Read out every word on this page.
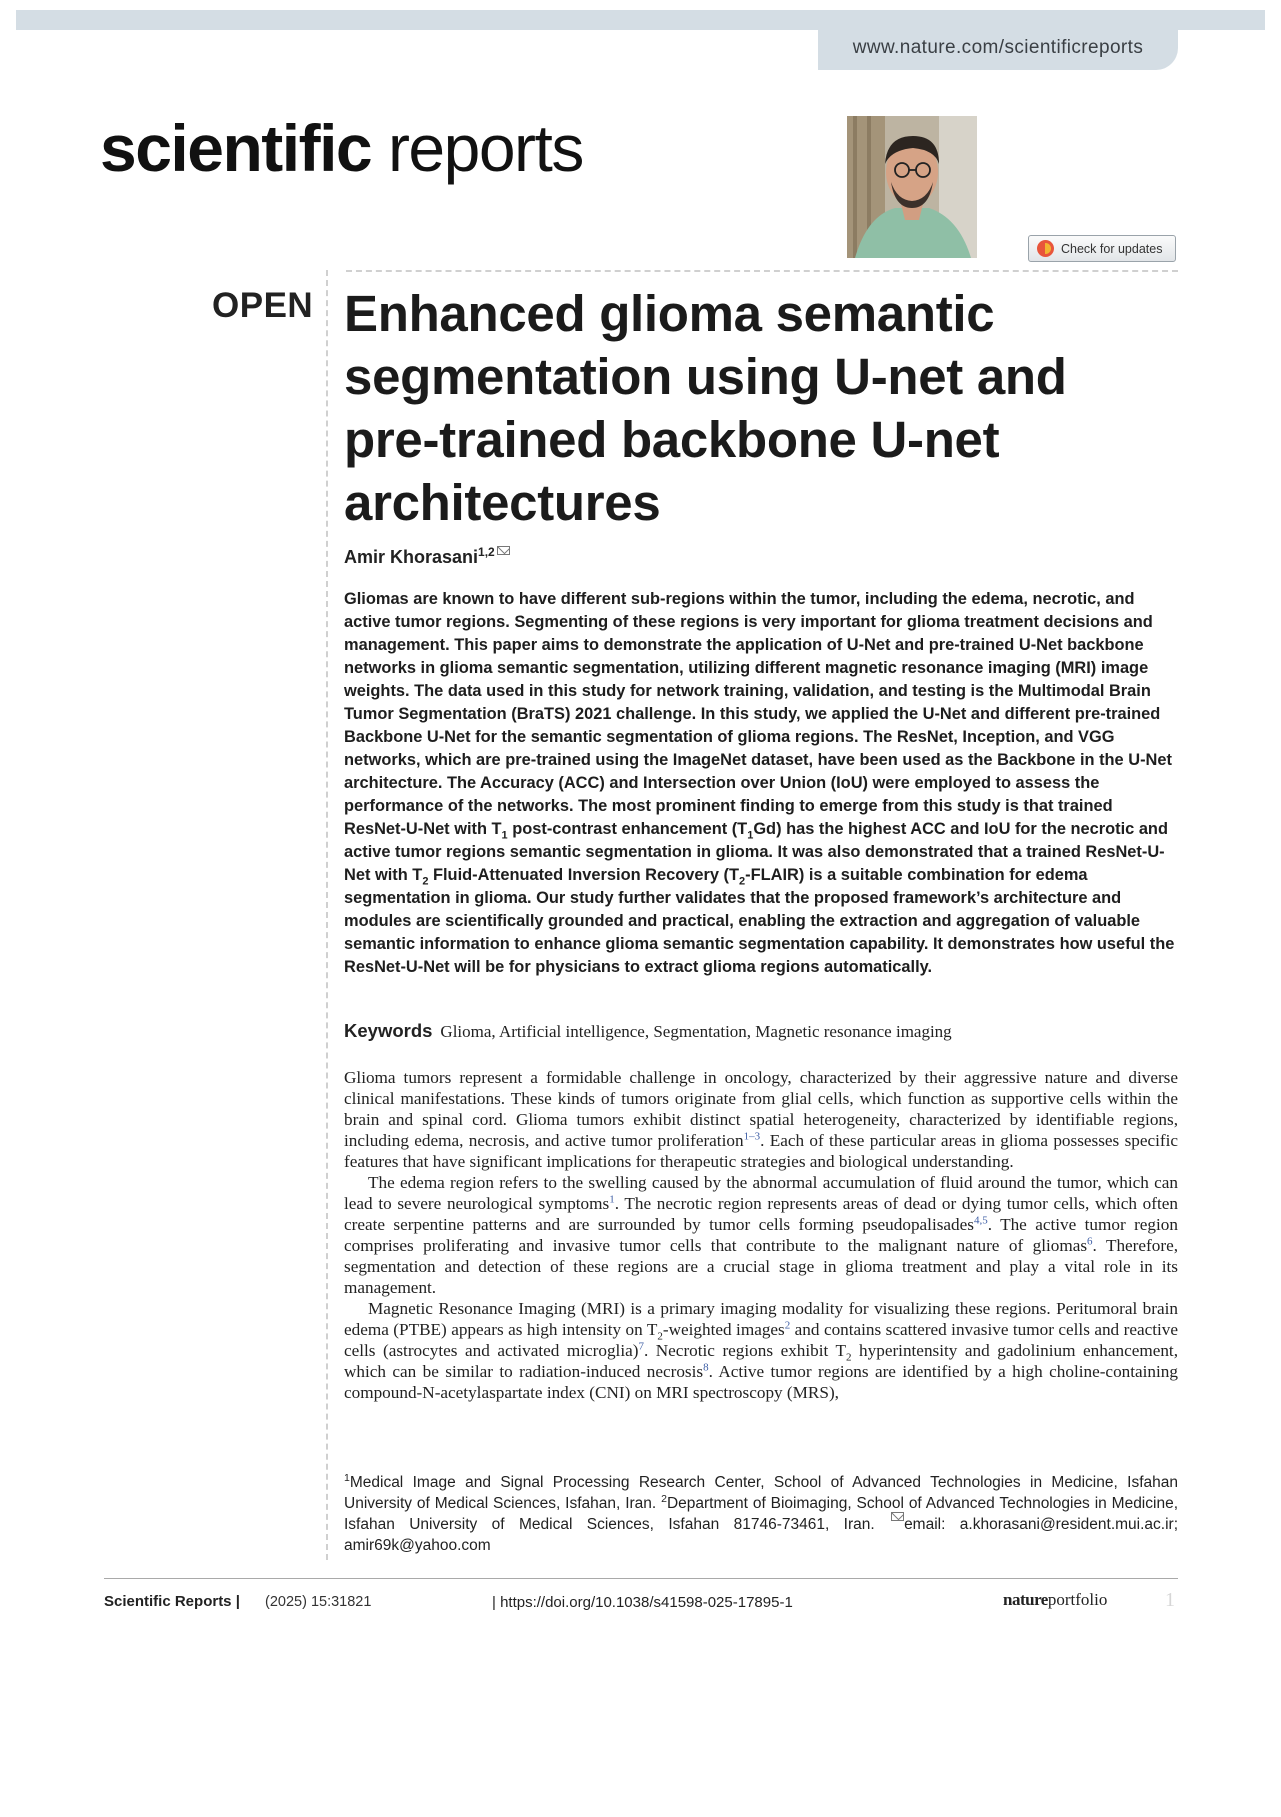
www.nature.com/scientificreports
scientific reports
Check for updates
OPEN Enhanced glioma semantic segmentation using U-net and pre-trained backbone U-net architectures
Amir Khorasani$^{1,2}$

Gliomas are known to have different sub-regions within the tumor, including the edema, necrotic, and active tumor regions. Segmenting of these regions is very important for glioma treatment decisions and management. This paper aims to demonstrate the application of U-Net and pre-trained U-Net backbone networks in glioma semantic segmentation, utilizing different magnetic resonance imaging (MRI) image weights. The data used in this study for network training, validation, and testing is the Multimodal Brain Tumor Segmentation (BraTS) 2021 challenge. In this study, we applied the U-Net and different pre-trained Backbone U-Net for the semantic segmentation of glioma regions. The ResNet, Inception, and VGG networks, which are pre-trained using the ImageNet dataset, have been used as the Backbone in the U-Net architecture. The Accuracy (ACC) and Intersection over Union (IoU) were employed to assess the performance of the networks. The most prominent finding to emerge from this study is that trained ResNet-U-Net with $T_1$ post-contrast enhancement $(T_1Gd)$ has the highest ACC and IoU for the necrotic and active tumor regions semantic segmentation in glioma. It was also demonstrated that a trained ResNet-U-Net with $T_2$ Fluid-Attenuated Inversion Recovery $(T_2-FLAIR)$ is a suitable combination for edema segmentation in glioma. Our study further validates that the proposed framework’s architecture and modules are scientifically grounded and practical, enabling the extraction and aggregation of valuable semantic information to enhance glioma semantic segmentation capability. It demonstrates how useful the ResNet-U-Net will be for physicians to extract glioma regions automatically.

Keywords Glioma, Artificial intelligence, Segmentation, Magnetic resonance imaging

Glioma tumors represent a formidable challenge in oncology, characterized by their aggressive nature and diverse clinical manifestations. These kinds of tumors originate from glial cells, which function as supportive cells within the brain and spinal cord. Glioma tumors exhibit distinct spatial heterogeneity, characterized by identifiable regions, including edema, necrosis, and active tumor proliferation$^{1-3}$. Each of these particular areas in glioma possesses specific features that have significant implications for therapeutic strategies and biological understanding.

The edema region refers to the swelling caused by the abnormal accumulation of fluid around the tumor, which can lead to severe neurological symptoms$^1$. The necrotic region represents areas of dead or dying tumor cells, which often create serpentine patterns and are surrounded by tumor cells forming pseudopalisades$^{4,5}$. The active tumor region comprises proliferating and invasive tumor cells that contribute to the malignant nature of gliomas$^6$. Therefore, segmentation and detection of these regions are a crucial stage in glioma treatment and play a vital role in its management.

Magnetic Resonance Imaging (MRI) is a primary imaging modality for visualizing these regions. Peritumoral brain edema (PTBE) appears as high intensity on $T_2$-weighted images$^2$ and contains scattered invasive tumor cells and reactive cells (astrocytes and activated microglia)$^7$. Necrotic regions exhibit $T_2$ hyperintensity and gadolinium enhancement, which can be similar to radiation-induced necrosis$^8$. Active tumor regions are identified by a high choline-containing compound-N-acetylaspartate index (CNI) on MRI spectroscopy (MRS),

$^1$Medical Image and Signal Processing Research Center, School of Advanced Technologies in Medicine, Isfahan University of Medical Sciences, Isfahan, Iran. $^2$Department of Bioimaging, School of Advanced Technologies in Medicine, Isfahan University of Medical Sciences, Isfahan 81746-73461, Iran. email: a.khorasani@resident.mui.ac.ir; amir69k@yahoo.com

Scientific Reports | (2025) 15:31821	| https://doi.org/10.1038/s41598-025-17895-1	natureportfolio	1
